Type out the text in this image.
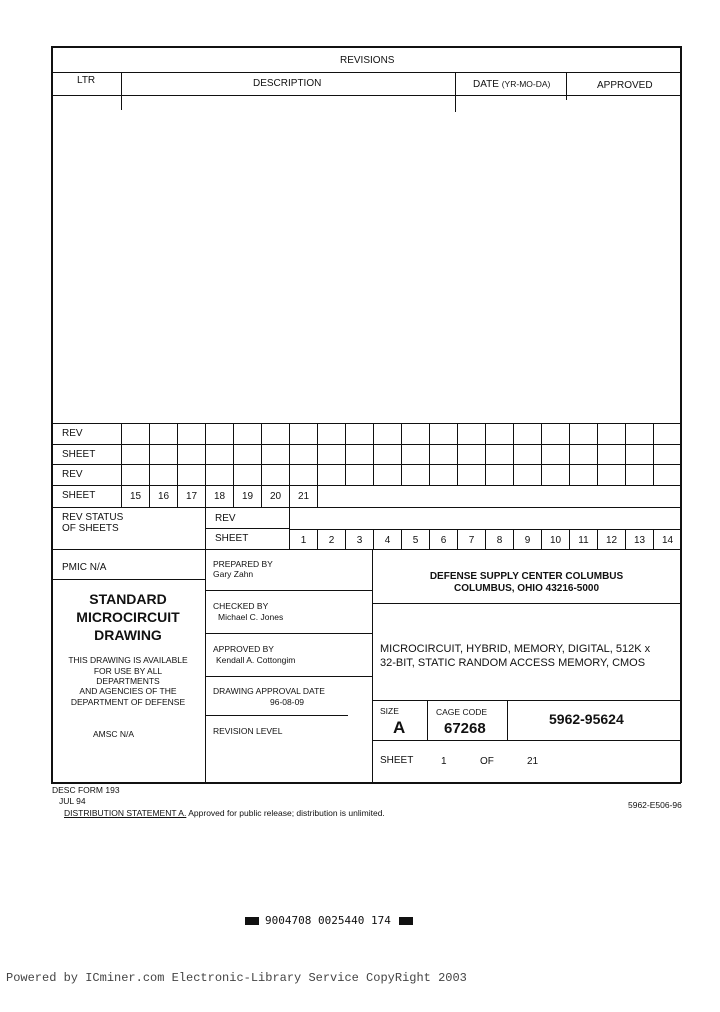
REVISIONS
LTR	DESCRIPTION	DATE (YR-MO-DA)	APPROVED
REV
SHEET
REV
SHEET	15	16	17	18	19	20	21
REV STATUS
OF SHEETS
REV
SHEET	1	2	3	4	5	6	7	8	9	10	11	12	13	14
PMIC N/A
STANDARD
MICROCIRCUIT
DRAWING
THIS DRAWING IS AVAILABLE
FOR USE BY ALL
DEPARTMENTS
AND AGENCIES OF THE
DEPARTMENT OF DEFENSE
AMSC N/A
PREPARED BY
Gary Zahn
CHECKED BY
Michael C. Jones
APPROVED BY
Kendall A. Cottongim
DRAWING APPROVAL DATE
96-08-09
REVISION LEVEL
DEFENSE SUPPLY CENTER COLUMBUS
COLUMBUS, OHIO 43216-5000
MICROCIRCUIT, HYBRID, MEMORY, DIGITAL, 512K x
32-BIT, STATIC RANDOM ACCESS MEMORY, CMOS
SIZE
A
CAGE CODE
67268
5962-95624
SHEET	1	OF	21
DESC FORM 193
JUL 94
DISTRIBUTION STATEMENT A. Approved for public release; distribution is unlimited.
5962-E506-96
9004708 0025440 174
Powered by ICminer.com Electronic-Library Service CopyRight 2003
